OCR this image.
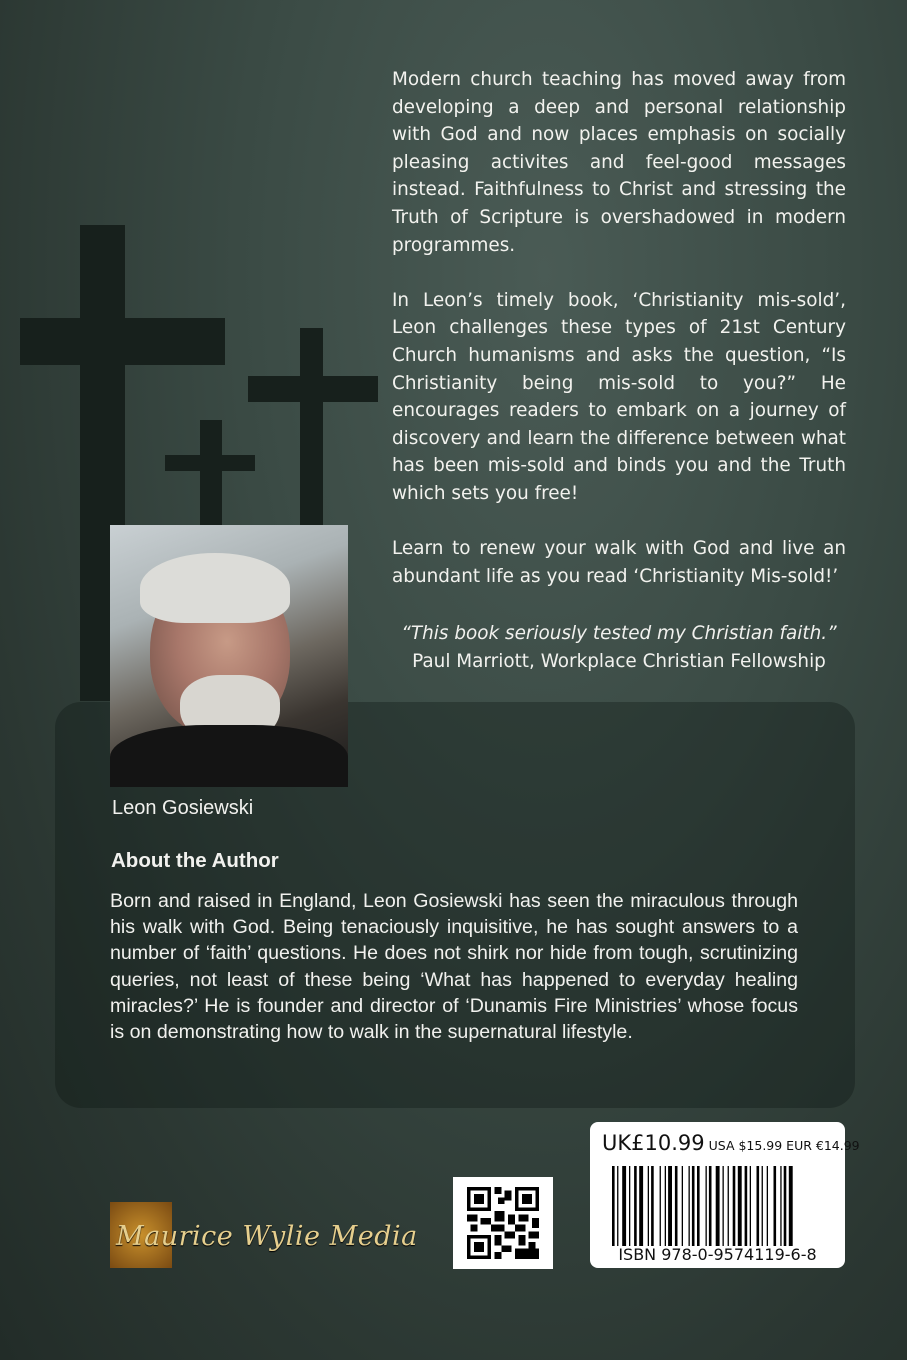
Modern church teaching has moved away from developing a deep and personal relationship with God and now places emphasis on socially pleasing activites and feel-good messages instead. Faithfulness to Christ and stressing the Truth of Scripture is overshadowed in modern programmes.

In Leon’s timely book, ‘Christianity mis-sold’, Leon challenges these types of 21st Century Church humanisms and asks the question, “Is Christianity being mis-sold to you?” He encourages readers to embark on a journey of discovery and learn the difference between what has been mis-sold and binds you and the Truth which sets you free!

Learn to renew your walk with God and live an abundant life as you read ‘Christianity Mis-sold!’

“This book seriously tested my Christian faith.”
Paul Marriott, Workplace Christian Fellowship
Leon Gosiewski
About the Author
Born and raised in England, Leon Gosiewski has seen the miraculous through his walk with God. Being tenaciously inquisitive, he has sought answers to a number of ‘faith’ questions. He does not shirk nor hide from tough, scrutinizing queries, not least of these being ‘What has happened to everyday healing miracles?’ He is founder and director of ‘Dunamis Fire Ministries’ whose focus is on demonstrating how to walk in the supernatural lifestyle.
Maurice Wylie Media
UK£10.99 USA $15.99 EUR €14.99
ISBN 978-0-9574119-6-8
